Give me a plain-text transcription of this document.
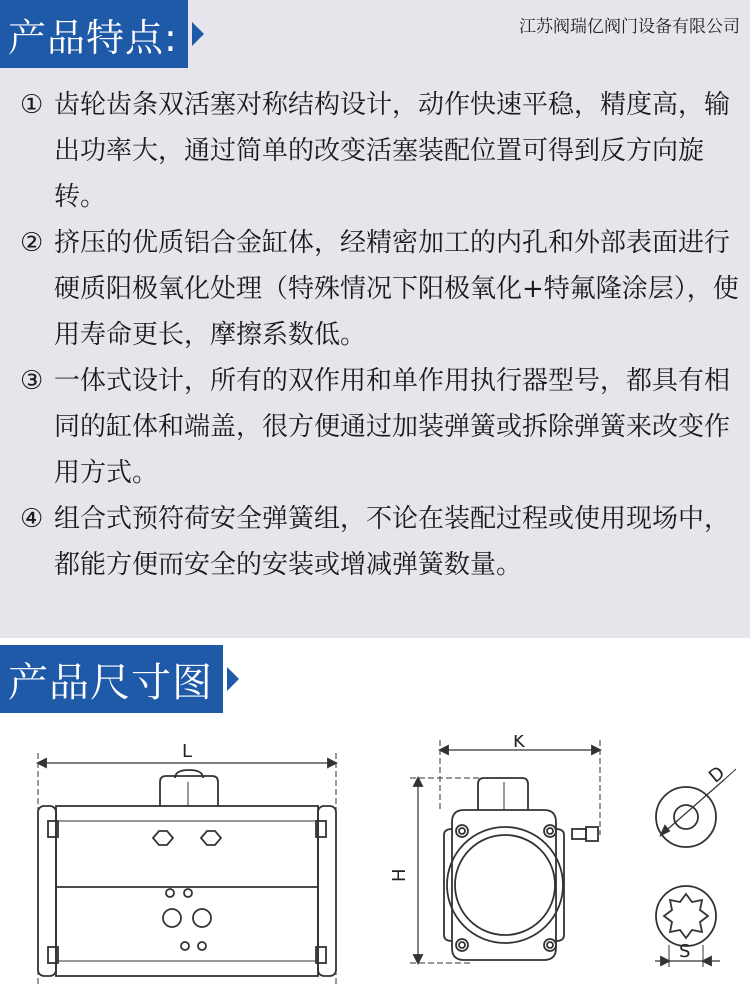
产品特点:	江苏阀瑞亿阀门设备有限公司
① 齿轮齿条双活塞对称结构设计，动作快速平稳，精度高，输出功率大，通过简单的改变活塞装配位置可得到反方向旋转。
② 挤压的优质铝合金缸体，经精密加工的内孔和外部表面进行硬质阳极氧化处理（特殊情况下阳极氧化+特氟隆涂层），使用寿命更长，摩擦系数低。
③ 一体式设计，所有的双作用和单作用执行器型号，都具有相同的缸体和端盖，很方便通过加装弹簧或拆除弹簧来改变作用方式。
④ 组合式预符荷安全弹簧组，不论在装配过程或使用现场中，都能方便而安全的安装或增减弹簧数量。
产品尺寸图
L	K
H
D
S
